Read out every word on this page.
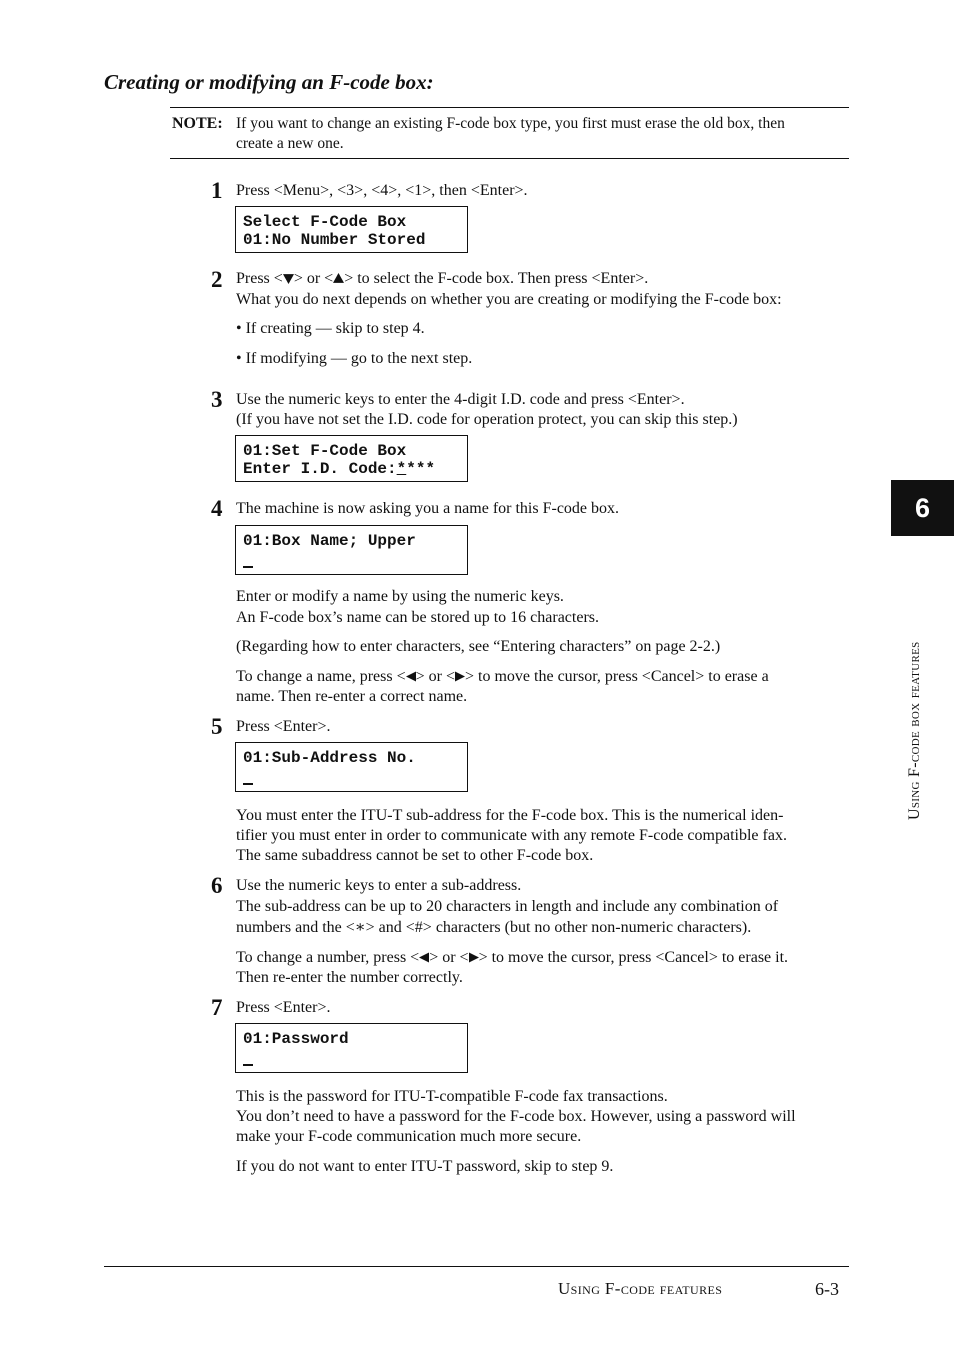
Creating or modifying an F-code box:
NOTE: If you want to change an existing F-code box type, you first must erase the old box, then
create a new one.
1 Press <Menu>, <3>, <4>, <1>, then <Enter>.
Select F-Code Box
01:No Number Stored
2 Press < > or < > to select the F-code box. Then press <Enter>.
What you do next depends on whether you are creating or modifying the F-code box:
• If creating — skip to step 4.
• If modifying — go to the next step.
3 Use the numeric keys to enter the 4-digit I.D. code and press <Enter>.
(If you have not set the I.D. code for operation protect, you can skip this step.)
01:Set F-Code Box
Enter I.D. Code:****
4 The machine is now asking you a name for this F-code box.
01:Box Name; Upper
Enter or modify a name by using the numeric keys.
An F-code box’s name can be stored up to 16 characters.
(Regarding how to enter characters, see “Entering characters” on page 2-2.)
To change a name, press < > or < > to move the cursor, press <Cancel> to erase a
name. Then re-enter a correct name.
5 Press <Enter>.
01:Sub-Address No.
You must enter the ITU-T sub-address for the F-code box. This is the numerical iden-
tifier you must enter in order to communicate with any remote F-code compatible fax.
The same subaddress cannot be set to other F-code box.
6 Use the numeric keys to enter a sub-address.
The sub-address can be up to 20 characters in length and include any combination of
numbers and the <∗> and <#> characters (but no other non-numeric characters).
To change a number, press < > or < > to move the cursor, press <Cancel> to erase it.
Then re-enter the number correctly.
7 Press <Enter>.
01:Password
This is the password for ITU-T-compatible F-code fax transactions.
You don’t need to have a password for the F-code box. However, using a password will
make your F-code communication much more secure.
If you do not want to enter ITU-T password, skip to step 9.
6
Using F-code box features
Using F-code features	6-3
